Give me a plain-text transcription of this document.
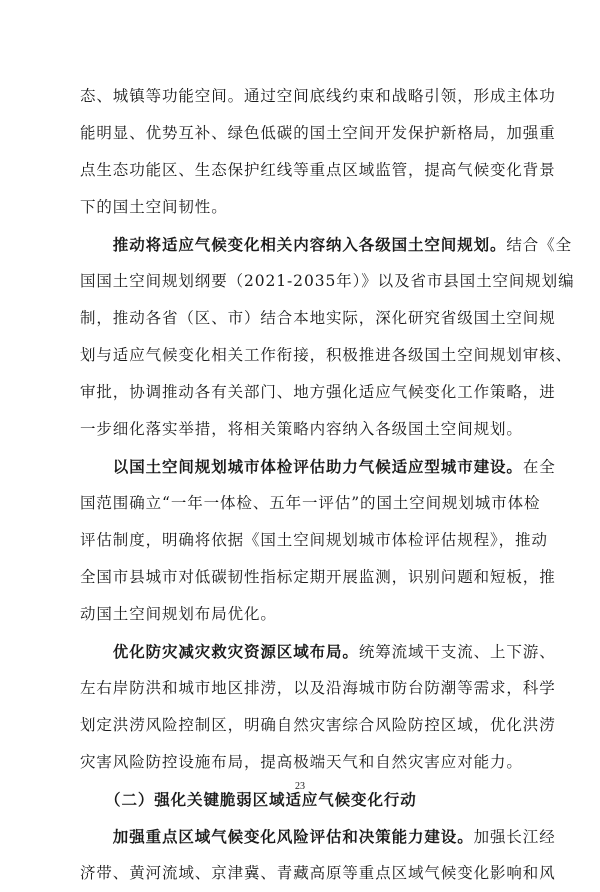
态、城镇等功能空间。通过空间底线约束和战略引领，形成主体功
能明显、优势互补、绿色低碳的国土空间开发保护新格局，加强重
点生态功能区、生态保护红线等重点区域监管，提高气候变化背景
下的国土空间韧性。
　　推动将适应气候变化相关内容纳入各级国土空间规划。结合《全
国国土空间规划纲要（2021-2035年）》以及省市县国土空间规划编
制，推动各省（区、市）结合本地实际，深化研究省级国土空间规
划与适应气候变化相关工作衔接，积极推进各级国土空间规划审核、
审批，协调推动各有关部门、地方强化适应气候变化工作策略，进
一步细化落实举措，将相关策略内容纳入各级国土空间规划。
　　以国土空间规划城市体检评估助力气候适应型城市建设。在全
国范围确立“一年一体检、五年一评估”的国土空间规划城市体检
评估制度，明确将依据《国土空间规划城市体检评估规程》，推动
全国市县城市对低碳韧性指标定期开展监测，识别问题和短板，推
动国土空间规划布局优化。
　　优化防灾减灾救灾资源区域布局。统筹流域干支流、上下游、
左右岸防洪和城市地区排涝，以及沿海城市防台防潮等需求，科学
划定洪涝风险控制区，明确自然灾害综合风险防控区域，优化洪涝
灾害风险防控设施布局，提高极端天气和自然灾害应对能力。
　　（二）强化关键脆弱区域适应气候变化行动
　　加强重点区域气候变化风险评估和决策能力建设。加强长江经
济带、黄河流域、京津冀、青藏高原等重点区域气候变化影响和风
23
